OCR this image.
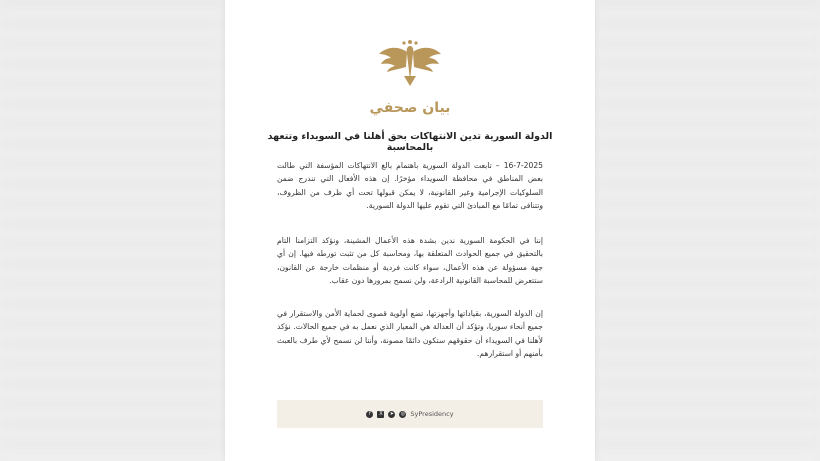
بيان صحفي
الدولة السورية تدين الانتهاكات بحق أهلنا في السويداء وتتعهد بالمحاسبة
16-7-2025 – تابعت الدولة السورية باهتمام بالغ الانتهاكات المؤسفة التي طالت بعض المناطق في محافظة السويداء مؤخرًا. إن هذه الأفعال التي تندرج ضمن السلوكيات الإجرامية وغير القانونية، لا يمكن قبولها تحت أي ظرف من الظروف، وتتنافى تمامًا مع المبادئ التي تقوم عليها الدولة السورية.
إننا في الحكومة السورية ندين بشدة هذه الأعمال المشينة، ونؤكد التزامنا التام بالتحقيق في جميع الحوادث المتعلقة بها، ومحاسبة كل من تثبت تورطه فيها. إن أي جهة مسؤولة عن هذه الأعمال، سواء كانت فردية أو منظمات خارجة عن القانون، ستتعرض للمحاسبة القانونية الرادعة، ولن نسمح بمرورها دون عقاب.
إن الدولة السورية، بقياداتها وأجهزتها، تضع أولوية قصوى لحماية الأمن والاستقرار في جميع أنحاء سوريا، وتؤكد أن العدالة هي المعيار الذي نعمل به في جميع الحالات. نؤكد لأهلنا في السويداء أن حقوقهم ستكون دائمًا مصونة، وأننا لن نسمح لأي طرف بالعبث بأمنهم أو استقرارهم.
f	X	➤ ◎ SyPresidency
